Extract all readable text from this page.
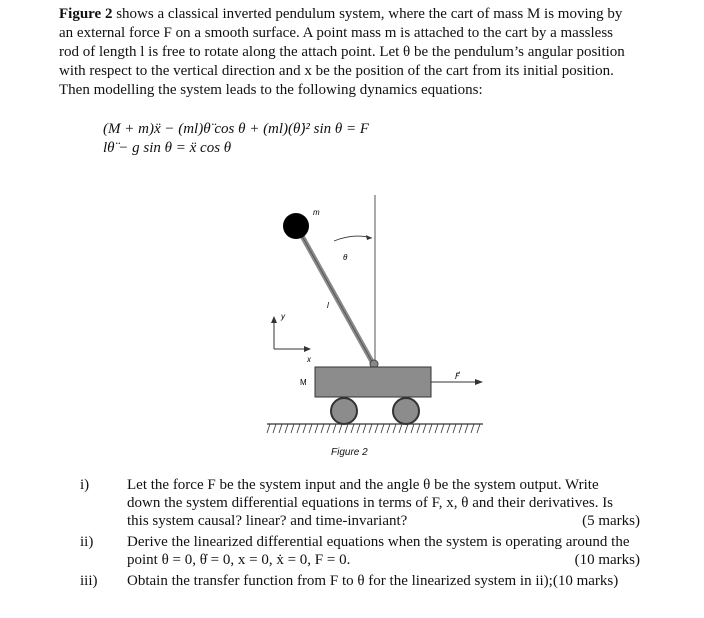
Figure 2 shows a classical inverted pendulum system, where the cart of mass M is moving by
an external force F on a smooth surface. A point mass m is attached to the cart by a massless
rod of length l is free to rotate along the attach point. Let θ be the pendulum’s angular position
with respect to the vertical direction and x be the position of the cart from its initial position.
Then modelling the system leads to the following dynamics equations:
(M + m)ẍ − (ml)θ̈ cos θ + (ml)(θ̇)² sin θ = F
lθ̈ − g sin θ = ẍ cos θ
m
θ
l
y
x
M
F⃗
Figure 2
i)	Let the force F be the system input and the angle θ be the system output. Write
down the system differential equations in terms of F, x, θ and their derivatives. Is
this system causal? linear? and time-invariant?	(5 marks)
ii)	Derive the linearized differential equations when the system is operating around the
point θ = 0, θ̇ = 0, x = 0, ẋ = 0, F = 0.	(10 marks)
iii)	Obtain the transfer function from F to θ for the linearized system in ii);(10 marks)
